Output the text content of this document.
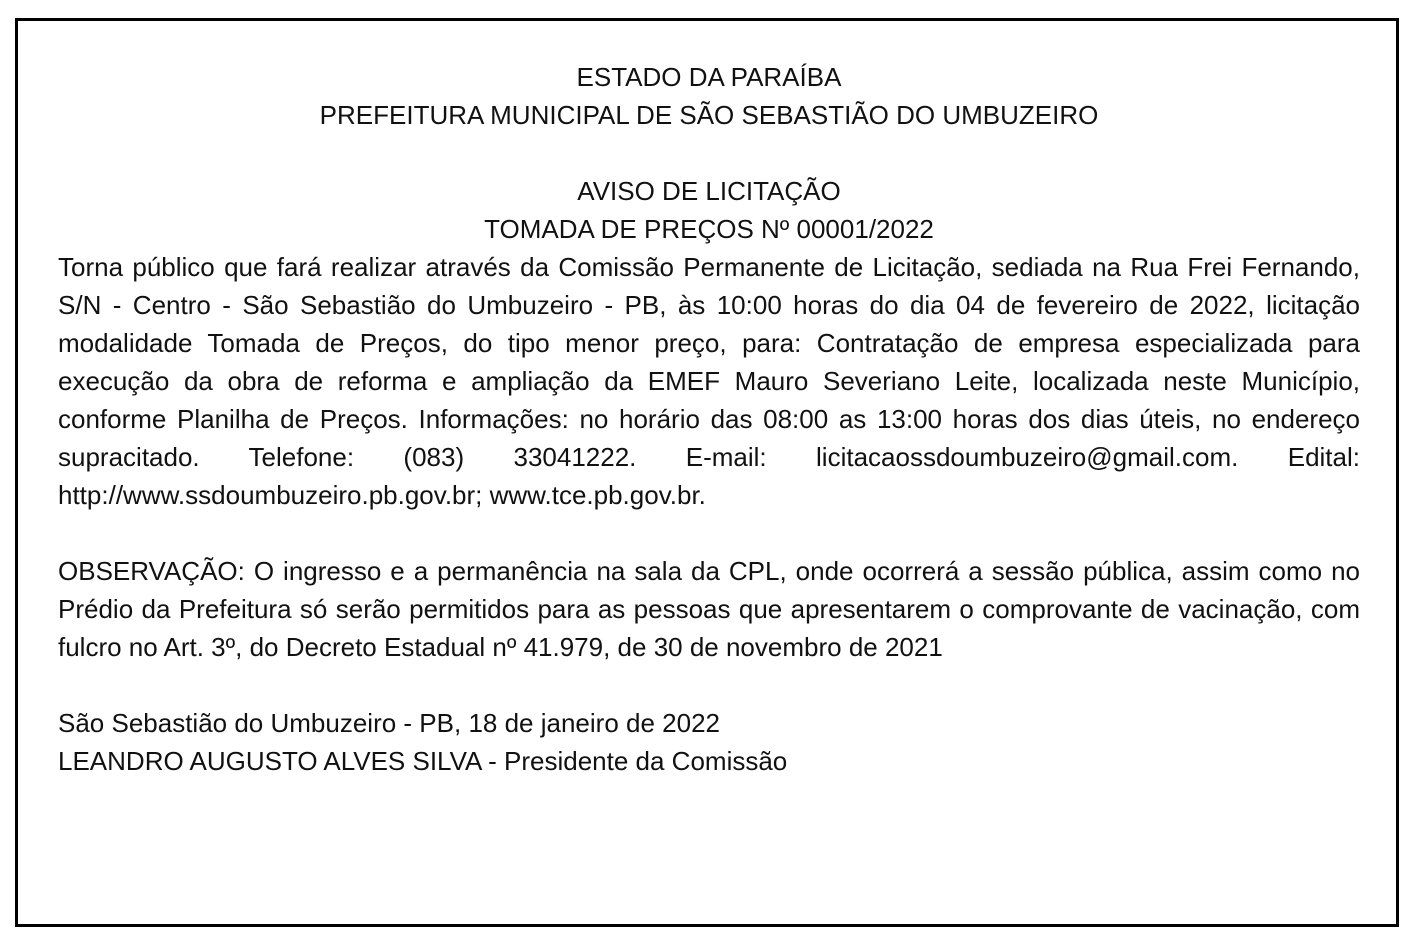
ESTADO DA PARAÍBA

PREFEITURA MUNICIPAL DE SÃO SEBASTIÃO DO UMBUZEIRO

AVISO DE LICITAÇÃO

TOMADA DE PREÇOS Nº 00001/2022

Torna público que fará realizar através da Comissão Permanente de Licitação, sediada na Rua Frei Fernando, S/N - Centro - São Sebastião do Umbuzeiro - PB, às 10:00 horas do dia 04 de fevereiro de 2022, licitação modalidade Tomada de Preços, do tipo menor preço, para: Contratação de empresa especializada para execução da obra de reforma e ampliação da EMEF Mauro Severiano Leite, localizada neste Município, conforme Planilha de Preços. Informações: no horário das 08:00 as 13:00 horas dos dias úteis, no endereço supracitado. Telefone: (083) 33041222. E-mail: licitacaossdoumbuzeiro@gmail.com. Edital: http://www.ssdoumbuzeiro.pb.gov.br; www.tce.pb.gov.br.

OBSERVAÇÃO: O ingresso e a permanência na sala da CPL, onde ocorrerá a sessão pública, assim como no Prédio da Prefeitura só serão permitidos para as pessoas que apresentarem o comprovante de vacinação, com fulcro no Art. 3º, do Decreto Estadual nº 41.979, de 30 de novembro de 2021

São Sebastião do Umbuzeiro - PB, 18 de janeiro de 2022

LEANDRO AUGUSTO ALVES SILVA - Presidente da Comissão
